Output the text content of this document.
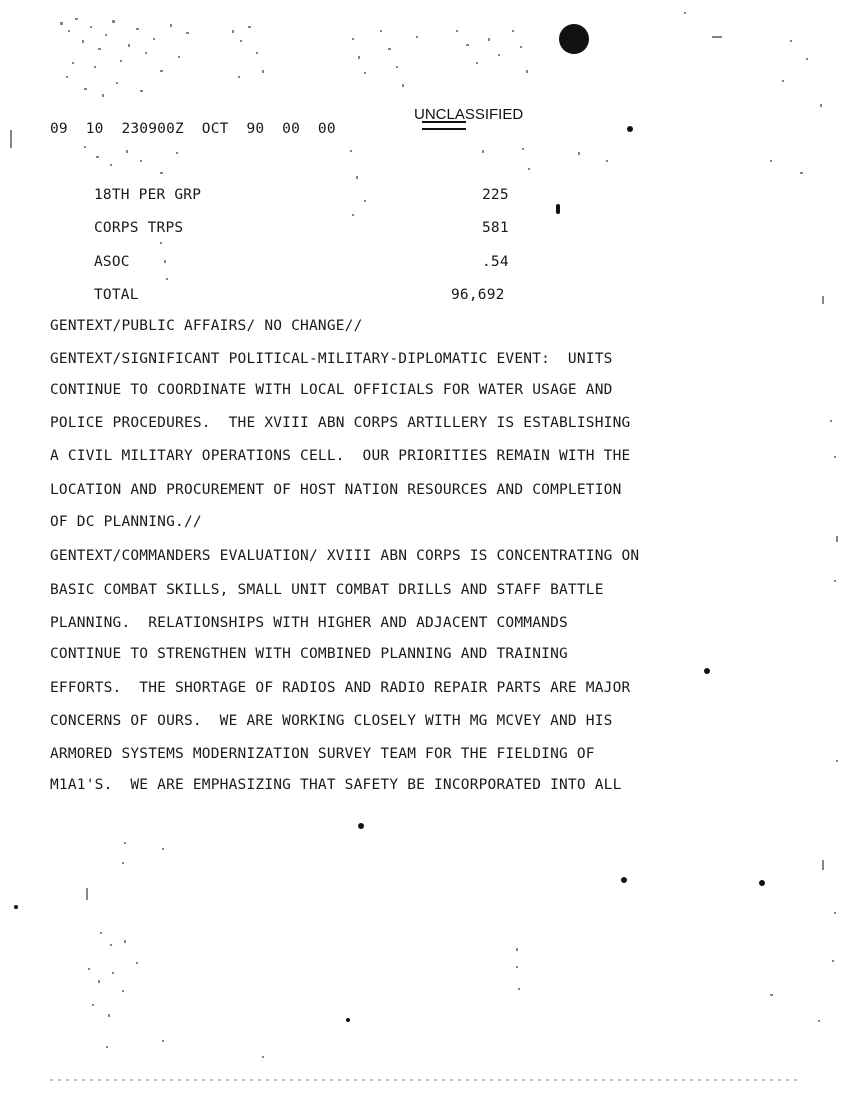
09  10  230900Z  OCT  90  00  00
UNCLASSIFIED
18TH PER GRP	225
CORPS TRPS	581
ASOC	.54
TOTAL	96,692
GENTEXT/PUBLIC AFFAIRS/ NO CHANGE//
GENTEXT/SIGNIFICANT POLITICAL-MILITARY-DIPLOMATIC EVENT:  UNITS
CONTINUE TO COORDINATE WITH LOCAL OFFICIALS FOR WATER USAGE AND
POLICE PROCEDURES.  THE XVIII ABN CORPS ARTILLERY IS ESTABLISHING
A CIVIL MILITARY OPERATIONS CELL.  OUR PRIORITIES REMAIN WITH THE
LOCATION AND PROCUREMENT OF HOST NATION RESOURCES AND COMPLETION
OF DC PLANNING.//
GENTEXT/COMMANDERS EVALUATION/ XVIII ABN CORPS IS CONCENTRATING ON
BASIC COMBAT SKILLS, SMALL UNIT COMBAT DRILLS AND STAFF BATTLE
PLANNING.  RELATIONSHIPS WITH HIGHER AND ADJACENT COMMANDS
CONTINUE TO STRENGTHEN WITH COMBINED PLANNING AND TRAINING
EFFORTS.  THE SHORTAGE OF RADIOS AND RADIO REPAIR PARTS ARE MAJOR
CONCERNS OF OURS.  WE ARE WORKING CLOSELY WITH MG MCVEY AND HIS
ARMORED SYSTEMS MODERNIZATION SURVEY TEAM FOR THE FIELDING OF
M1A1'S.  WE ARE EMPHASIZING THAT SAFETY BE INCORPORATED INTO ALL
